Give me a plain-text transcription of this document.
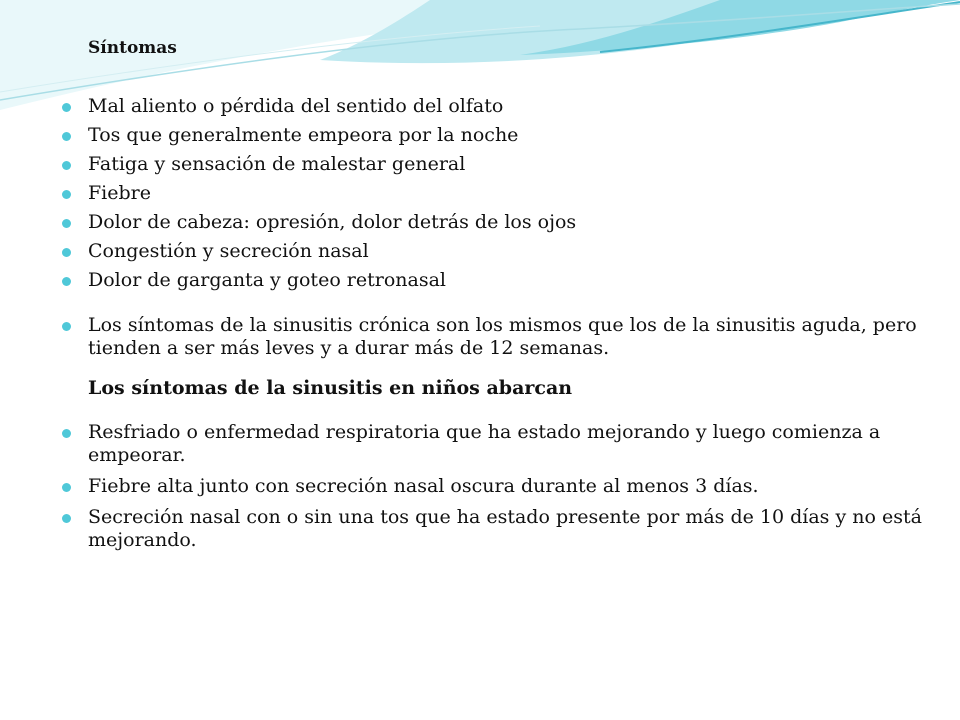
Síntomas
Mal aliento o pérdida del sentido del olfato
Tos que generalmente empeora por la noche
Fatiga y sensación de malestar general
Fiebre
Dolor de cabeza: opresión, dolor detrás de los ojos
Congestión y secreción nasal
Dolor de garganta y goteo retronasal
Los síntomas de la sinusitis crónica son los mismos que los de la sinusitis aguda, pero tienden a ser más leves y a durar más de 12 semanas.
Los síntomas de la sinusitis en niños abarcan
Resfriado o enfermedad respiratoria que ha estado mejorando y luego comienza a empeorar.
Fiebre alta junto con secreción nasal oscura durante al menos 3 días.
Secreción nasal con o sin una tos que ha estado presente por más de 10 días y no está mejorando.
